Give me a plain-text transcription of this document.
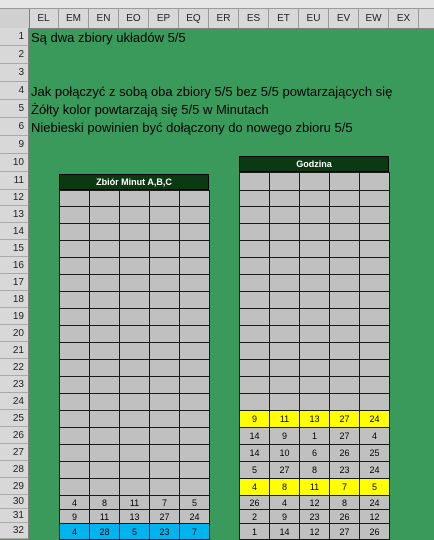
EL	EM	EN	EO	EP	EQ	ER	ES	ET	EU	EV	EW	EX
1
2
3
4
5
6
9
10
11
12
13
14
15
16
17
18
19
20
21
22
23
24
25
26
27
28
29
30
31
32
Są dwa zbiory układów 5/5
Jak połączyć z sobą oba zbiory 5/5 bez 5/5 powtarzających się
Żółty kolor powtarzają się 5/5 w Minutach
Niebieski powinien być dołączony do nowego zbioru 5/5
Zbiór Minut A,B,C
4	8	11	7	5
9	11	13	27	24
4	28	5	23	7
Godzina
9	11	13	27	24
14	9	1	27	4
14	10	6	26	25
5	27	8	23	24
4	8	11	7	5
26	4	12	8	24
2	9	23	26	12
1	14	12	27	26
